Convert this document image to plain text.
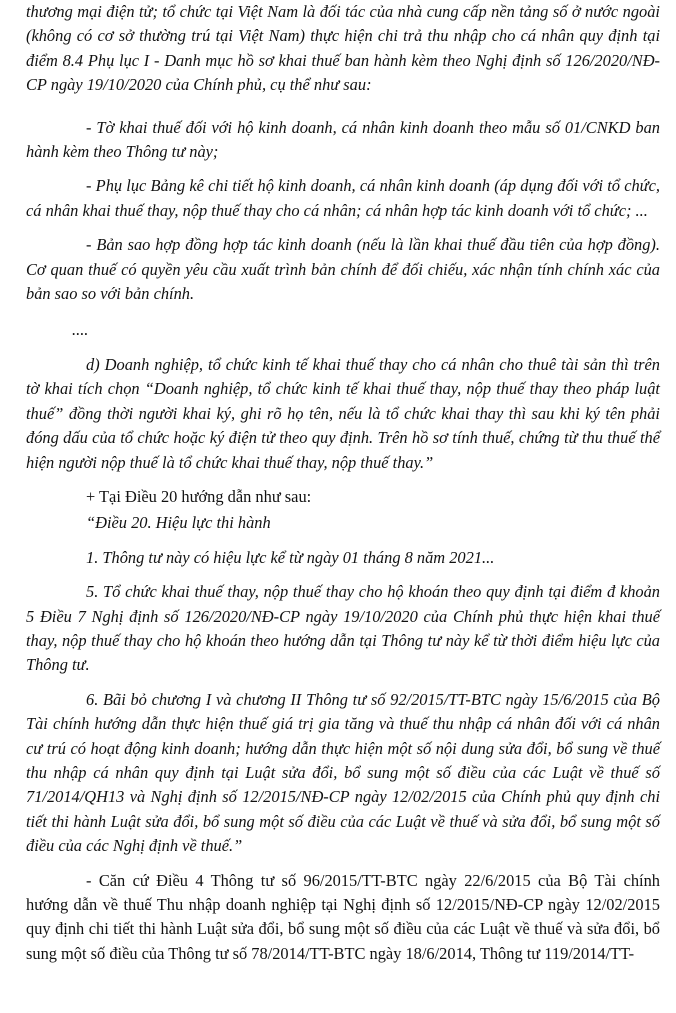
thương mại điện tử; tổ chức tại Việt Nam là đối tác của nhà cung cấp nền tảng số ở nước ngoài (không có cơ sở thường trú tại Việt Nam) thực hiện chi trả thu nhập cho cá nhân quy định tại điểm 8.4 Phụ lục I - Danh mục hồ sơ khai thuế ban hành kèm theo Nghị định số 126/2020/NĐ-CP ngày 19/10/2020 của Chính phủ, cụ thể như sau:

- Tờ khai thuế đối với hộ kinh doanh, cá nhân kinh doanh theo mẫu số 01/CNKD ban hành kèm theo Thông tư này;

- Phụ lục Bảng kê chi tiết hộ kinh doanh, cá nhân kinh doanh (áp dụng đối với tổ chức, cá nhân khai thuế thay, nộp thuế thay cho cá nhân; cá nhân hợp tác kinh doanh với tổ chức; ...

- Bản sao hợp đồng hợp tác kinh doanh (nếu là lần khai thuế đầu tiên của hợp đồng). Cơ quan thuế có quyền yêu cầu xuất trình bản chính để đối chiếu, xác nhận tính chính xác của bản sao so với bản chính.

....

d) Doanh nghiệp, tổ chức kinh tế khai thuế thay cho cá nhân cho thuê tài sản thì trên tờ khai tích chọn “Doanh nghiệp, tổ chức kinh tế khai thuế thay, nộp thuế thay theo pháp luật thuế” đồng thời người khai ký, ghi rõ họ tên, nếu là tổ chức khai thay thì sau khi ký tên phải đóng dấu của tổ chức hoặc ký điện tử theo quy định. Trên hồ sơ tính thuế, chứng từ thu thuế thể hiện người nộp thuế là tổ chức khai thuế thay, nộp thuế thay.”

+ Tại Điều 20 hướng dẫn như sau:

“Điều 20. Hiệu lực thi hành

1. Thông tư này có hiệu lực kể từ ngày 01 tháng 8 năm 2021...

5. Tổ chức khai thuế thay, nộp thuế thay cho hộ khoán theo quy định tại điểm đ khoản 5 Điều 7 Nghị định số 126/2020/NĐ-CP ngày 19/10/2020 của Chính phủ thực hiện khai thuế thay, nộp thuế thay cho hộ khoán theo hướng dẫn tại Thông tư này kể từ thời điểm hiệu lực của Thông tư.

6. Bãi bỏ chương I và chương II Thông tư số 92/2015/TT-BTC ngày 15/6/2015 của Bộ Tài chính hướng dẫn thực hiện thuế giá trị gia tăng và thuế thu nhập cá nhân đối với cá nhân cư trú có hoạt động kinh doanh; hướng dẫn thực hiện một số nội dung sửa đổi, bổ sung về thuế thu nhập cá nhân quy định tại Luật sửa đổi, bổ sung một số điều của các Luật về thuế số 71/2014/QH13 và Nghị định số 12/2015/NĐ-CP ngày 12/02/2015 của Chính phủ quy định chi tiết thi hành Luật sửa đổi, bổ sung một số điều của các Luật về thuế và sửa đổi, bổ sung một số điều của các Nghị định về thuế.”

- Căn cứ Điều 4 Thông tư số 96/2015/TT-BTC ngày 22/6/2015 của Bộ Tài chính hướng dẫn về thuế Thu nhập doanh nghiệp tại Nghị định số 12/2015/NĐ-CP ngày 12/02/2015 quy định chi tiết thi hành Luật sửa đổi, bổ sung một số điều của các Luật về thuế và sửa đổi, bổ sung một số điều của Thông tư số 78/2014/TT-BTC ngày 18/6/2014, Thông tư 119/2014/TT-
